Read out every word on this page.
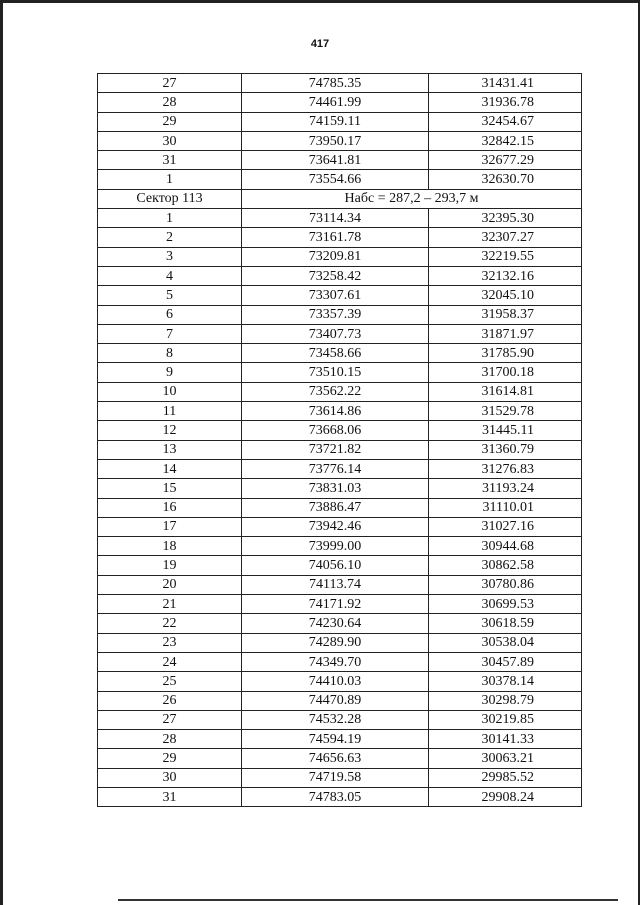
417
27	74785.35	31431.41
28	74461.99	31936.78
29	74159.11	32454.67
30	73950.17	32842.15
31	73641.81	32677.29
1	73554.66	32630.70
Сектор 113	Набс = 287,2 – 293,7 м	
1	73114.34	32395.30
2	73161.78	32307.27
3	73209.81	32219.55
4	73258.42	32132.16
5	73307.61	32045.10
6	73357.39	31958.37
7	73407.73	31871.97
8	73458.66	31785.90
9	73510.15	31700.18
10	73562.22	31614.81
11	73614.86	31529.78
12	73668.06	31445.11
13	73721.82	31360.79
14	73776.14	31276.83
15	73831.03	31193.24
16	73886.47	31110.01
17	73942.46	31027.16
18	73999.00	30944.68
19	74056.10	30862.58
20	74113.74	30780.86
21	74171.92	30699.53
22	74230.64	30618.59
23	74289.90	30538.04
24	74349.70	30457.89
25	74410.03	30378.14
26	74470.89	30298.79
27	74532.28	30219.85
28	74594.19	30141.33
29	74656.63	30063.21
30	74719.58	29985.52
31	74783.05	29908.24
